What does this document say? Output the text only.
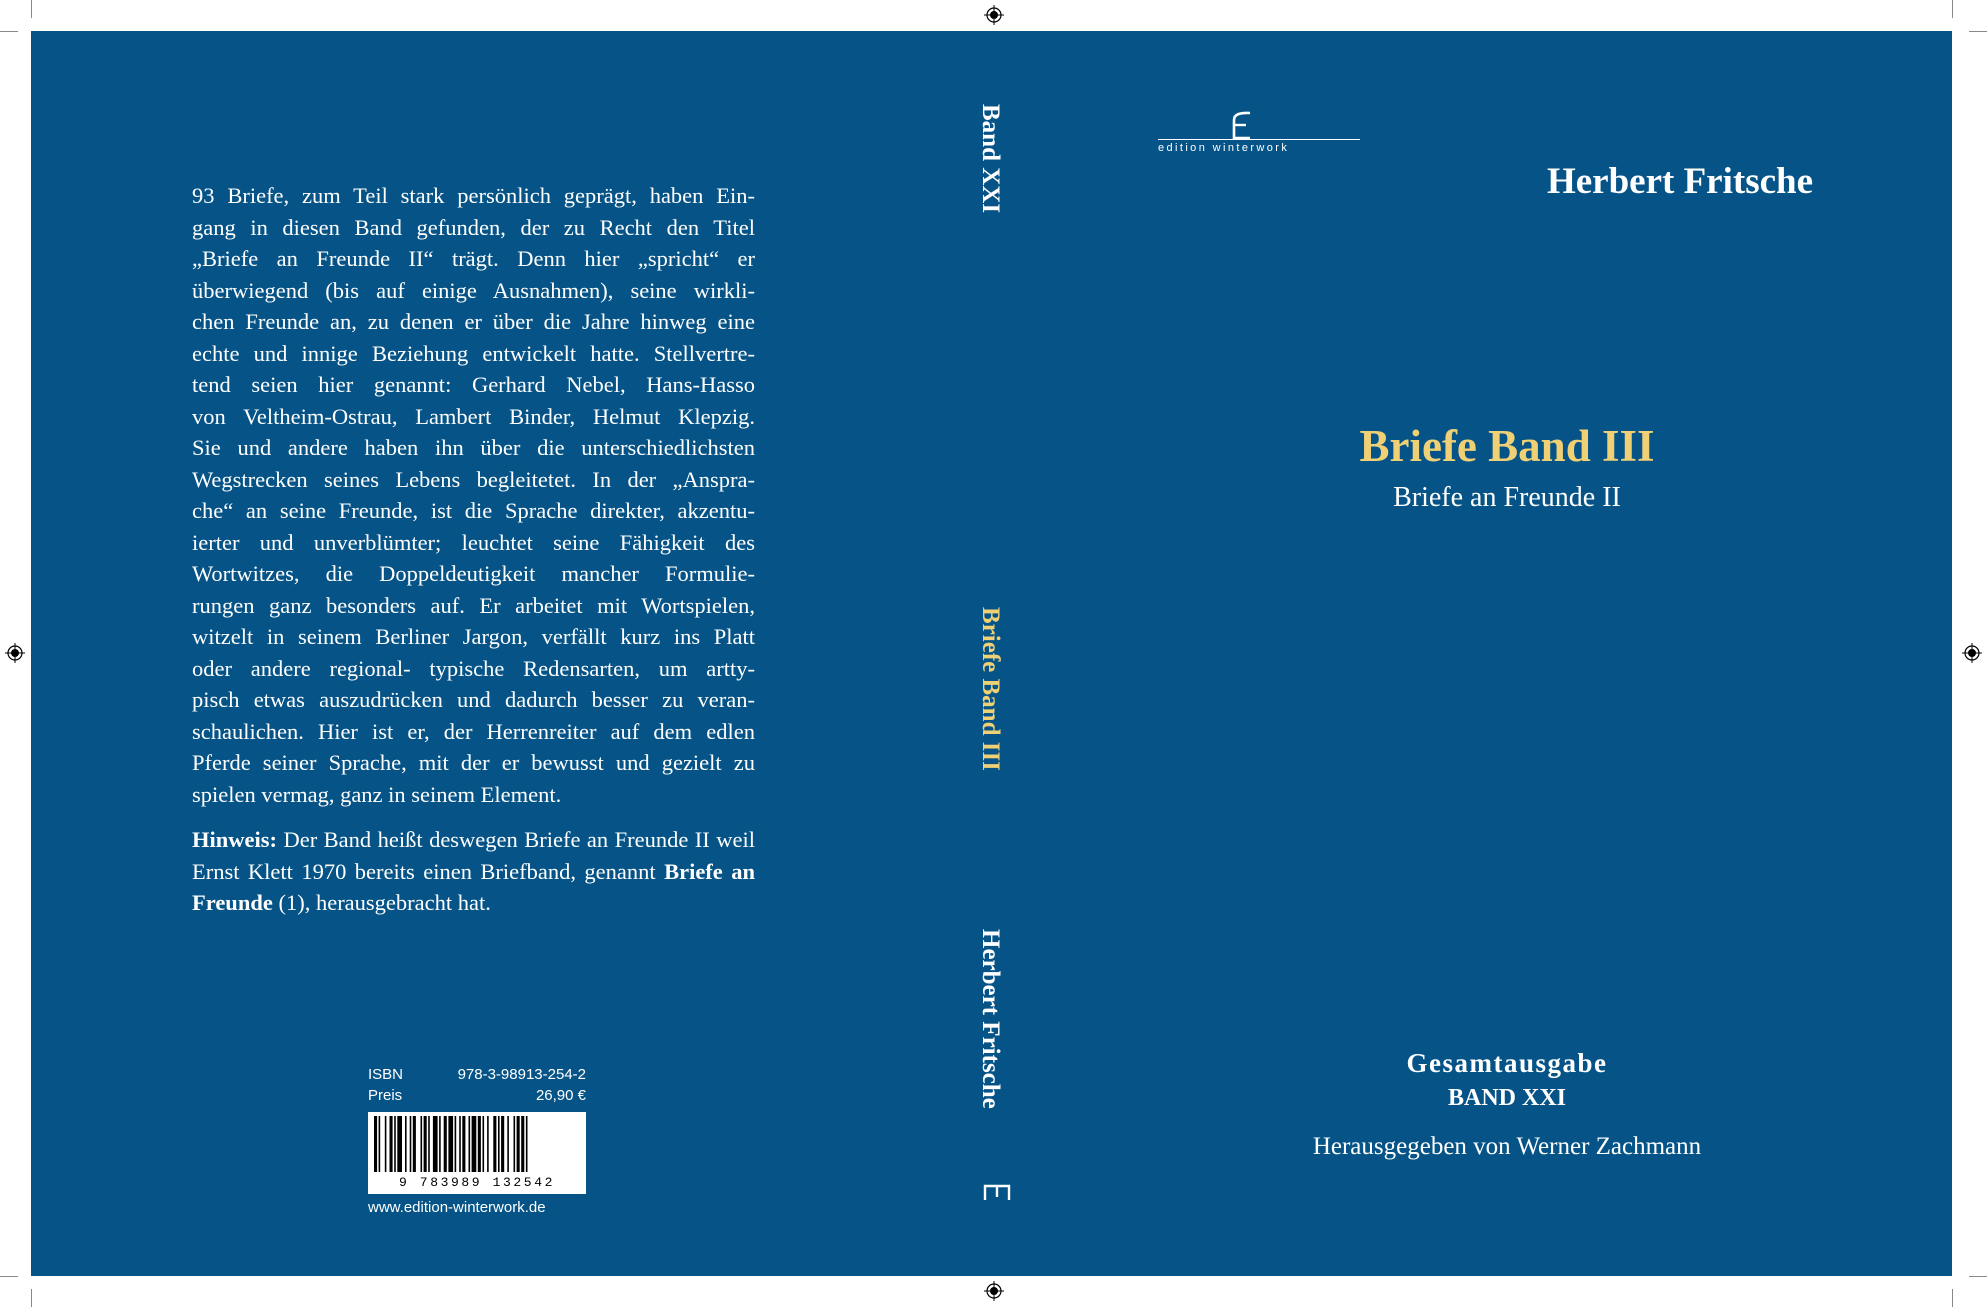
93 Briefe, zum Teil stark persönlich geprägt, haben Ein-
gang in diesen Band gefunden, der zu Recht den Titel
„Briefe an Freunde II“ trägt. Denn hier „spricht“ er
überwiegend (bis auf einige Ausnahmen), seine wirkli-
chen Freunde an, zu denen er über die Jahre hinweg eine
echte und innige Beziehung entwickelt hatte. Stellvertre-
tend seien hier genannt: Gerhard Nebel, Hans-Hasso
von Veltheim-Ostrau, Lambert Binder, Helmut Klepzig.
Sie und andere haben ihn über die unterschiedlichsten
Wegstrecken seines Lebens begleitetet. In der „Anspra-
che“ an seine Freunde, ist die Sprache direkter, akzentu-
ierter und unverblümter; leuchtet seine Fähigkeit des
Wortwitzes, die Doppeldeutigkeit mancher Formulie-
rungen ganz besonders auf. Er arbeitet mit Wortspielen,
witzelt in seinem Berliner Jargon, verfällt kurz ins Platt
oder andere regional- typische Redensarten, um artty-
pisch etwas auszudrücken und dadurch besser zu veran-
schaulichen. Hier ist er, der Herrenreiter auf dem edlen
Pferde seiner Sprache, mit der er bewusst und gezielt zu
spielen vermag, ganz in seinem Element.

Hinweis: Der Band heißt deswegen Briefe an Freunde II weil Ernst Klett 1970 bereits einen Briefband, genannt Briefe an Freunde (1), herausgebracht hat.

ISBN	978-3-98913-254-2
Preis	26,90 €
9 783989 132542
www.edition-winterwork.de
Band XXI
Briefe Band III
Herbert Fritsche
edition winterwork
Herbert Fritsche
Briefe Band III
Briefe an Freunde II
Gesamtausgabe
BAND XXI
Herausgegeben von Werner Zachmann
